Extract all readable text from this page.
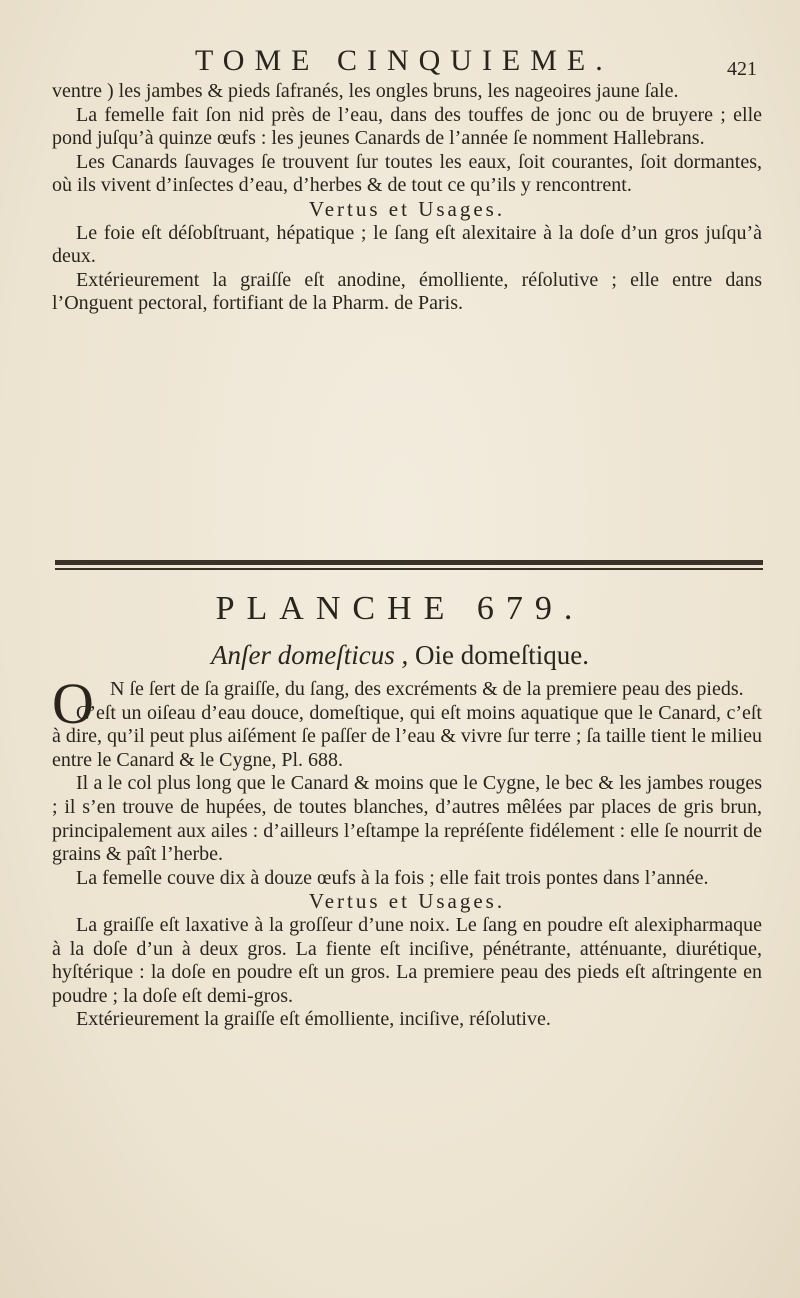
TOME CINQUIEME.	421

ventre ) les jambes & pieds ſafranés, les ongles bruns, les nageoires jaune ſale.

La femelle fait ſon nid près de l’eau, dans des touffes de jonc ou de bruyere ; elle pond juſqu’à quinze œufs : les jeunes Canards de l’année ſe nomment Hallebrans.

Les Canards ſauvages ſe trouvent ſur toutes les eaux, ſoit courantes, ſoit dormantes, où ils vivent d’inſectes d’eau, d’herbes & de tout ce qu’ils y rencontrent.

Vertus et Usages.

Le foie eſt déſobſtruant, hépatique ; le ſang eſt alexitaire à la doſe d’un gros juſqu’à deux.

Extérieurement la graiſſe eſt anodine, émolliente, réſolutive ; elle entre dans l’Onguent pectoral, fortifiant de la Pharm. de Paris.

PLANCHE 679.
Anſer domeſticus , Oie domeſtique.

O N ſe ſert de ſa graiſſe, du ſang, des excréments & de la premiere peau des pieds.

C’eſt un oiſeau d’eau douce, domeſtique, qui eſt moins aquatique que le Canard, c’eſt à dire, qu’il peut plus aiſément ſe paſſer de l’eau & vivre ſur terre ; ſa taille tient le milieu entre le Canard & le Cygne, Pl. 688.

Il a le col plus long que le Canard & moins que le Cygne, le bec & les jambes rouges ; il s’en trouve de hupées, de toutes blanches, d’autres mêlées par places de gris brun, principalement aux ailes : d’ailleurs l’eſtampe la repréſente fidélement : elle ſe nourrit de grains & paît l’herbe.

La femelle couve dix à douze œufs à la fois ; elle fait trois pontes dans l’année.

Vertus et Usages.

La graiſſe eſt laxative à la groſſeur d’une noix. Le ſang en poudre eſt alexipharmaque à la doſe d’un à deux gros. La fiente eſt inciſive, pénétrante, atténuante, diurétique, hyſtérique : la doſe en poudre eſt un gros. La premiere peau des pieds eſt aſtringente en poudre ; la doſe eſt demi-gros.

Extérieurement la graiſſe eſt émolliente, inciſive, réſolutive.
